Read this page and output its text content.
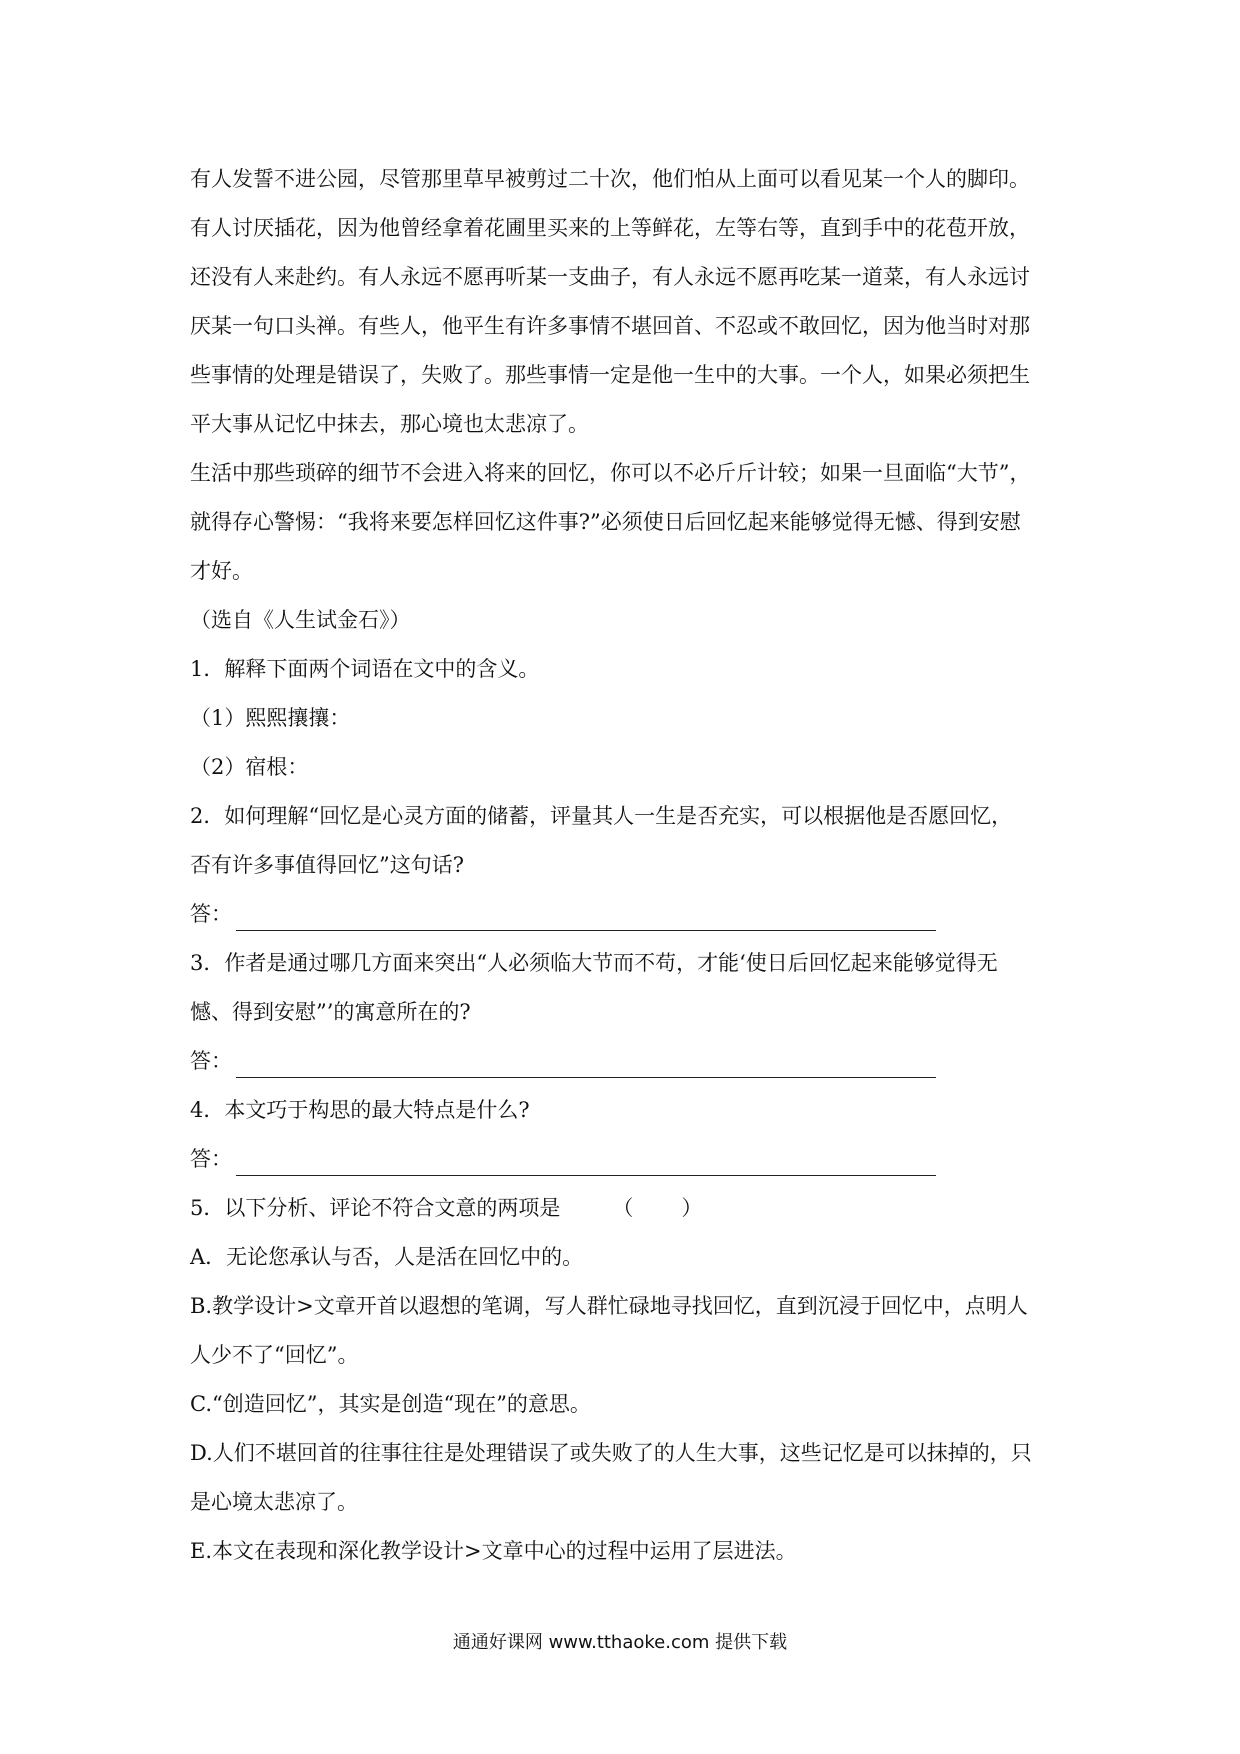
有人发誓不进公园，尽管那里草早被剪过二十次，他们怕从上面可以看见某一个人的脚印。

有人讨厌插花，因为他曾经拿着花圃里买来的上等鲜花，左等右等，直到手中的花苞开放，

还没有人来赴约。有人永远不愿再听某一支曲子，有人永远不愿再吃某一道菜，有人永远讨

厌某一句口头禅。有些人，他平生有许多事情不堪回首、不忍或不敢回忆，因为他当时对那

些事情的处理是错误了，失败了。那些事情一定是他一生中的大事。一个人，如果必须把生

平大事从记忆中抹去，那心境也太悲凉了。

生活中那些琐碎的细节不会进入将来的回忆，你可以不必斤斤计较；如果一旦面临“大节”，

就得存心警惕：“我将来要怎样回忆这件事?”必须使日后回忆起来能够觉得无憾、得到安慰

才好。

（选自《人生试金石》）

1．解释下面两个词语在文中的含义。

（1）熙熙攘攘：

（2）宿根：

2．如何理解“回忆是心灵方面的储蓄，评量其人一生是否充实，可以根据他是否愿回忆，

否有许多事值得回忆”这句话?

答：

3．作者是通过哪几方面来突出“人必须临大节而不苟，才能‘使日后回忆起来能够觉得无

憾、得到安慰”’的寓意所在的?

答：

4．本文巧于构思的最大特点是什么?

答：

5．以下分析、评论不符合文意的两项是 （　　）

A．无论您承认与否，人是活在回忆中的。

B.教学设计>文章开首以遐想的笔调，写人群忙碌地寻找回忆，直到沉浸于回忆中，点明人

人少不了“回忆”。

C.“创造回忆”，其实是创造“现在”的意思。

D.人们不堪回首的往事往往是处理错误了或失败了的人生大事，这些记忆是可以抹掉的，只

是心境太悲凉了。

E.本文在表现和深化教学设计>文章中心的过程中运用了层进法。

通通好课网 www.tthaoke.com 提供下载
